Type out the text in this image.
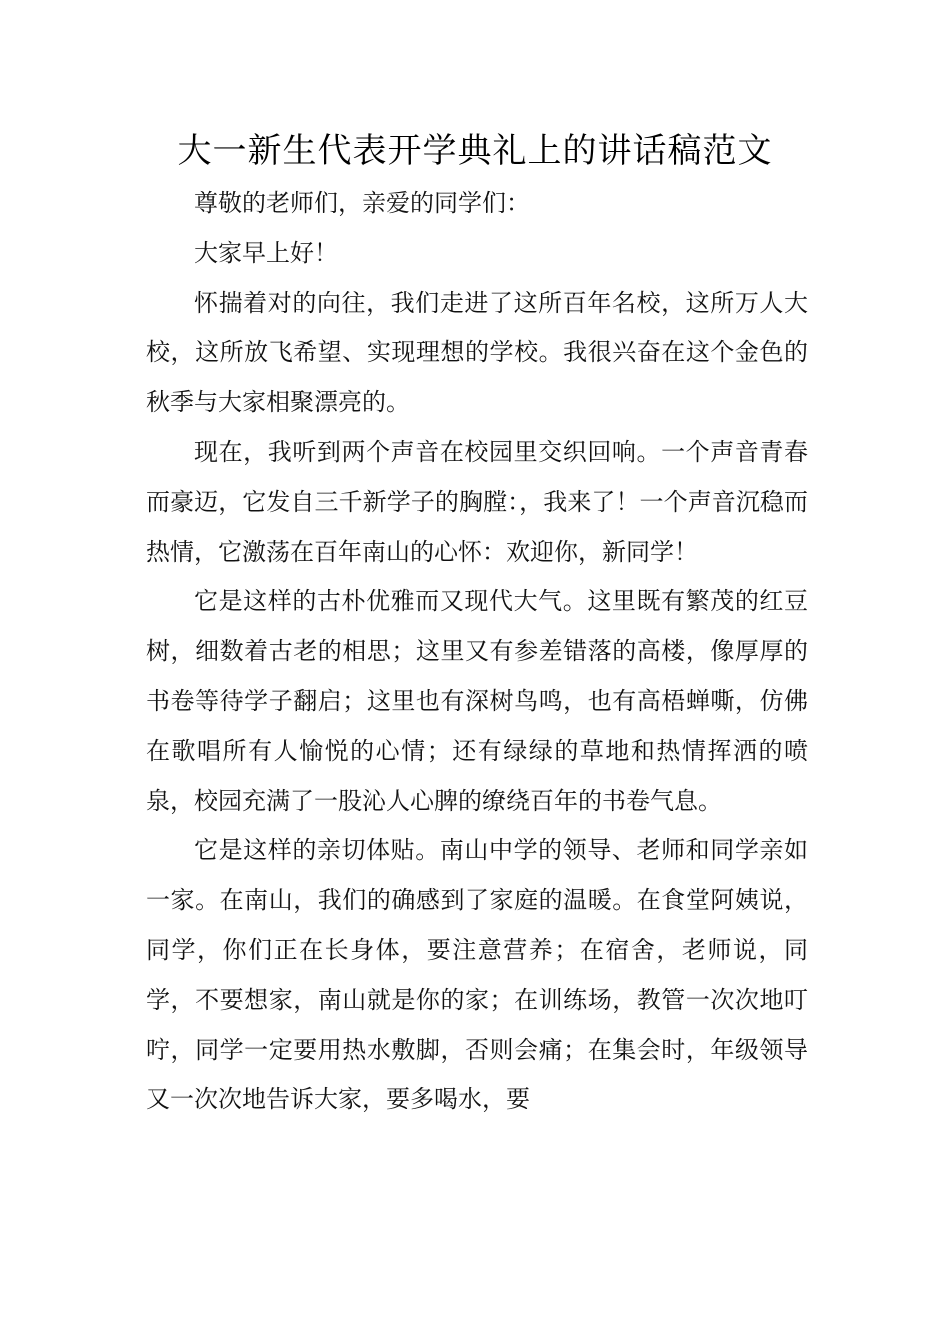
大一新生代表开学典礼上的讲话稿范文

尊敬的老师们，亲爱的同学们：

大家早上好！

怀揣着对的向往，我们走进了这所百年名校，这所万人大校，这所放飞希望、实现理想的学校。我很兴奋在这个金色的秋季与大家相聚漂亮的。

现在，我听到两个声音在校园里交织回响。一个声音青春而豪迈，它发自三千新学子的胸膛：，我来了！一个声音沉稳而热情，它激荡在百年南山的心怀：欢迎你，新同学！

它是这样的古朴优雅而又现代大气。这里既有繁茂的红豆树，细数着古老的相思；这里又有参差错落的高楼，像厚厚的书卷等待学子翻启；这里也有深树鸟鸣，也有高梧蝉嘶，仿佛在歌唱所有人愉悦的心情；还有绿绿的草地和热情挥洒的喷泉，校园充满了一股沁人心脾的缭绕百年的书卷气息。

它是这样的亲切体贴。南山中学的领导、老师和同学亲如一家。在南山，我们的确感到了家庭的温暖。在食堂阿姨说，同学，你们正在长身体，要注意营养；在宿舍，老师说，同学，不要想家，南山就是你的家；在训练场，教管一次次地叮咛，同学一定要用热水敷脚，否则会痛；在集会时，年级领导又一次次地告诉大家，要多喝水，要
